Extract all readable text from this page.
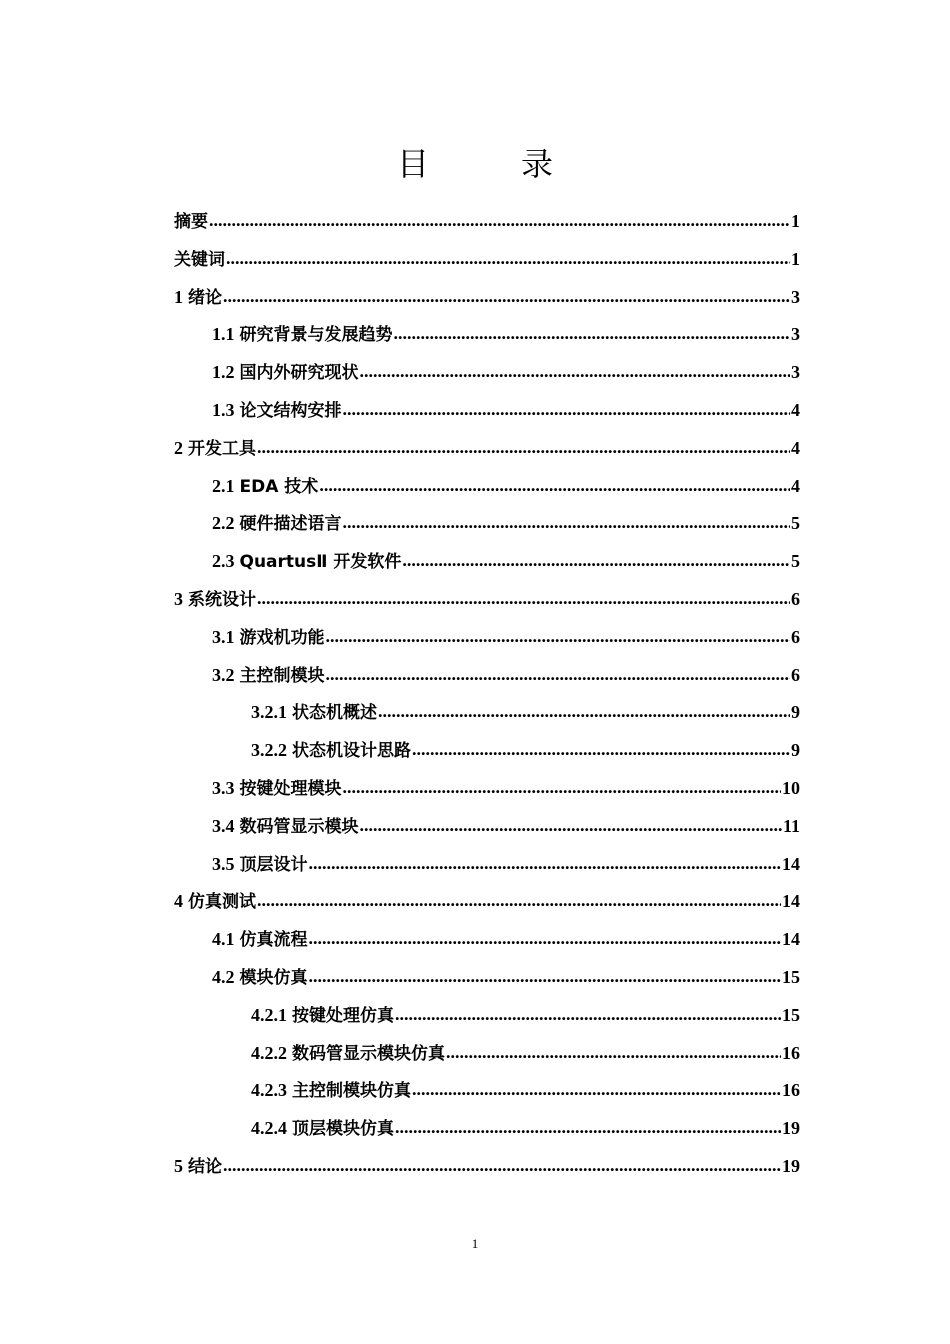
目　录
摘要 .....	1
关键词 .....	1
1 绪论 .....	3
1.1 研究背景与发展趋势 .....	3
1.2 国内外研究现状 .....	3
1.3 论文结构安排 .....	4
2 开发工具 .....	4
2.1 EDA 技术 .....	4
2.2 硬件描述语言 .....	5
2.3 QuartusⅡ 开发软件 .....	5
3 系统设计 .....	6
3.1 游戏机功能 .....	6
3.2 主控制模块 .....	6
3.2.1 状态机概述 .....	9
3.2.2 状态机设计思路 .....	9
3.3 按键处理模块 .....	10
3.4 数码管显示模块 .....	11
3.5 顶层设计 .....	14
4 仿真测试 .....	14
4.1 仿真流程 .....	14
4.2 模块仿真 .....	15
4.2.1 按键处理仿真 .....	15
4.2.2 数码管显示模块仿真 .....	16
4.2.3 主控制模块仿真 .....	16
4.2.4 顶层模块仿真 .....	19
5 结论 .....	19
1
